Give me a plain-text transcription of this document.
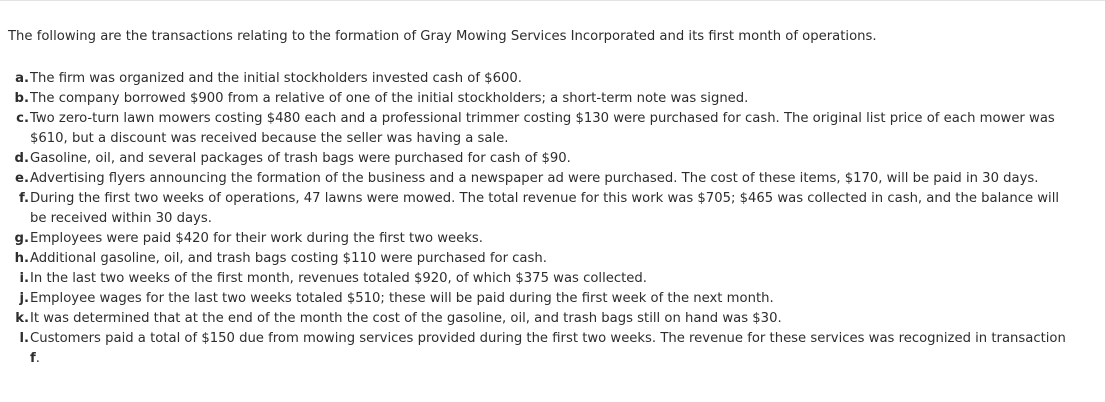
The following are the transactions relating to the formation of Gray Mowing Services Incorporated and its first month of operations.
a. The firm was organized and the initial stockholders invested cash of $600.
b. The company borrowed $900 from a relative of one of the initial stockholders; a short-term note was signed.
c. Two zero-turn lawn mowers costing $480 each and a professional trimmer costing $130 were purchased for cash. The original list price of each mower was $610, but a discount was received because the seller was having a sale.
d. Gasoline, oil, and several packages of trash bags were purchased for cash of $90.
e. Advertising flyers announcing the formation of the business and a newspaper ad were purchased. The cost of these items, $170, will be paid in 30 days.
f. During the first two weeks of operations, 47 lawns were mowed. The total revenue for this work was $705; $465 was collected in cash, and the balance will be received within 30 days.
g. Employees were paid $420 for their work during the first two weeks.
h. Additional gasoline, oil, and trash bags costing $110 were purchased for cash.
i. In the last two weeks of the first month, revenues totaled $920, of which $375 was collected.
j. Employee wages for the last two weeks totaled $510; these will be paid during the first week of the next month.
k. It was determined that at the end of the month the cost of the gasoline, oil, and trash bags still on hand was $30.
l. Customers paid a total of $150 due from mowing services provided during the first two weeks. The revenue for these services was recognized in transaction f.
